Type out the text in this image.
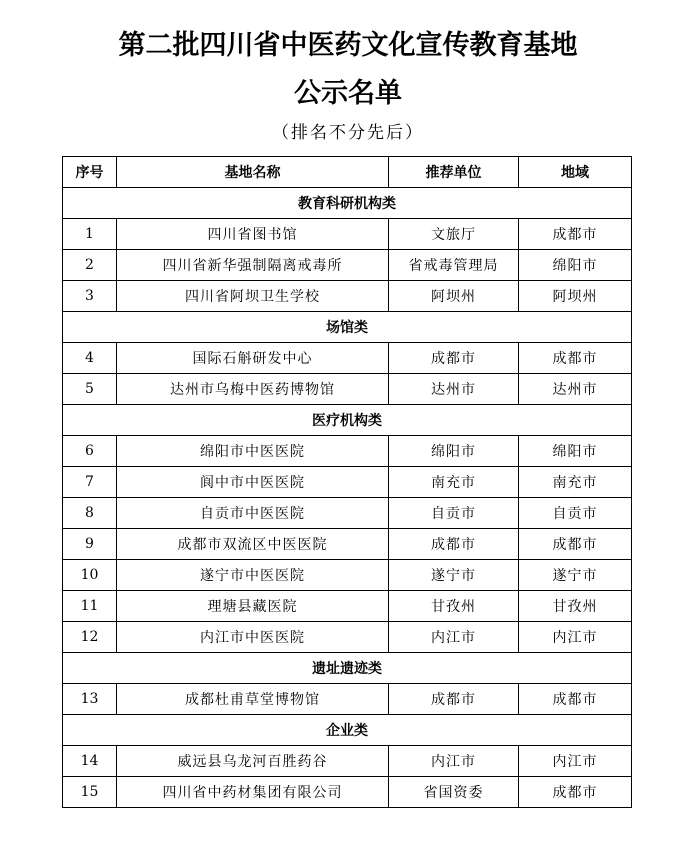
第二批四川省中医药文化宣传教育基地
公示名单
（排名不分先后）
序号	基地名称	推荐单位	地域
教育科研机构类			
1	四川省图书馆	文旅厅	成都市
2	四川省新华强制隔离戒毒所	省戒毒管理局	绵阳市
3	四川省阿坝卫生学校	阿坝州	阿坝州
场馆类			
4	国际石斛研发中心	成都市	成都市
5	达州市乌梅中医药博物馆	达州市	达州市
医疗机构类			
6	绵阳市中医医院	绵阳市	绵阳市
7	阆中市中医医院	南充市	南充市
8	自贡市中医医院	自贡市	自贡市
9	成都市双流区中医医院	成都市	成都市
10	遂宁市中医医院	遂宁市	遂宁市
11	理塘县藏医院	甘孜州	甘孜州
12	内江市中医医院	内江市	内江市
遗址遗迹类			
13	成都杜甫草堂博物馆	成都市	成都市
企业类			
14	威远县乌龙河百胜药谷	内江市	内江市
15	四川省中药材集团有限公司	省国资委	成都市
